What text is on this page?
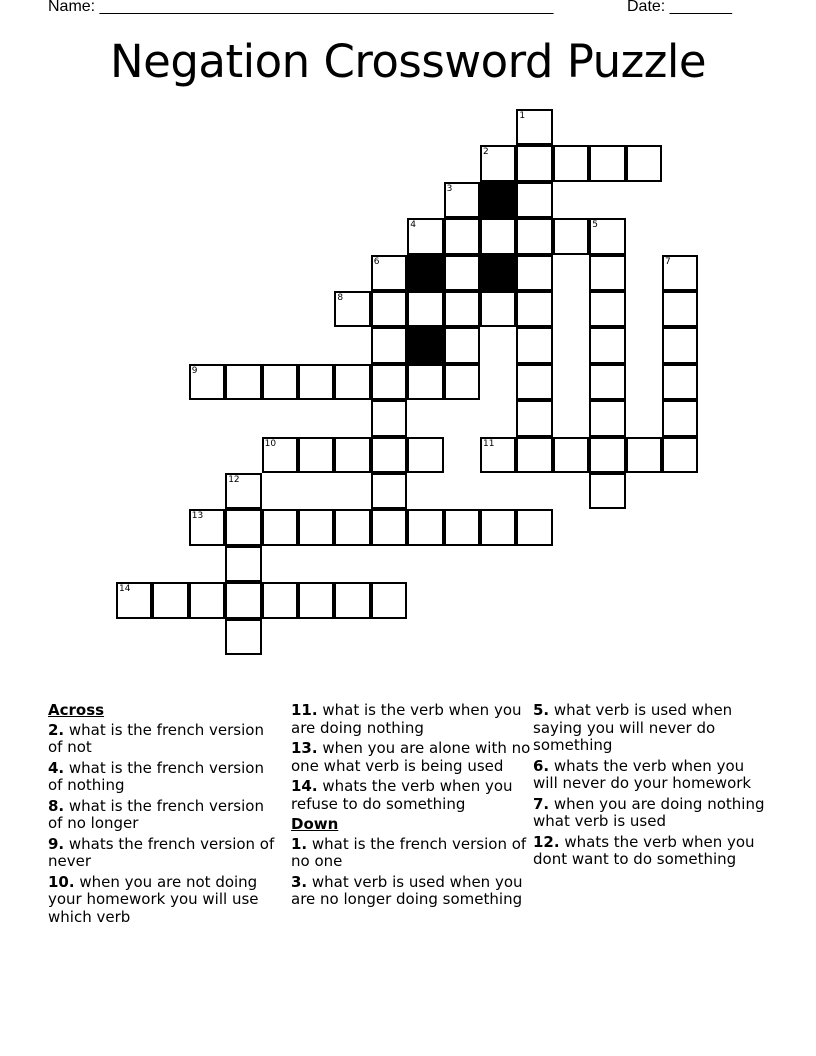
Name: ___________________________________________________	Date: _______
Negation Crossword Puzzle
1
2
3
4	5
6	7
8
9
10	11
12
13
14
Across
2. what is the french version of not
4. what is the french version of nothing
8. what is the french version of no longer
9. whats the french version of never
10. when you are not doing your homework you will use which verb
11. what is the verb when you are doing nothing
13. when you are alone with no one what verb is being used
14. whats the verb when you refuse to do something
Down
1. what is the french version of no one
3. what verb is used when you are no longer doing something
5. what verb is used when saying you will never do something
6. whats the verb when you will never do your homework
7. when you are doing nothing what verb is used
12. whats the verb when you dont want to do something
